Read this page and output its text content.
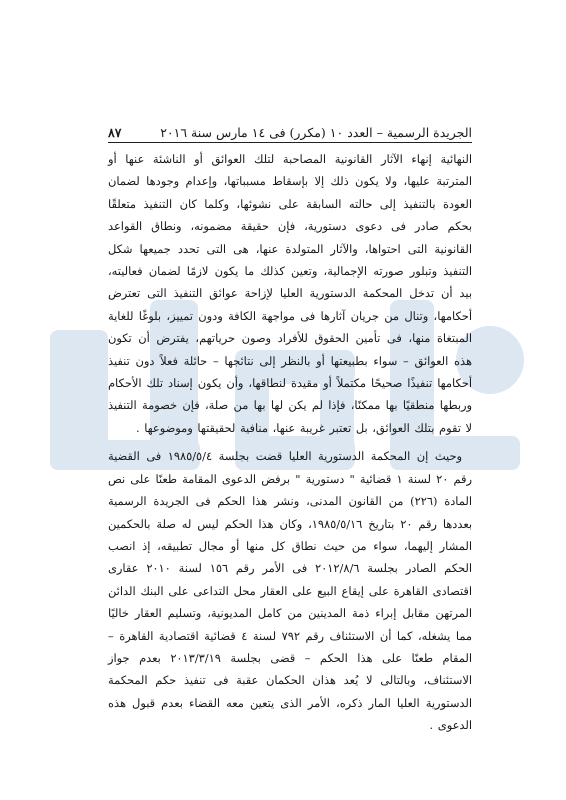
الجريدة الرسمية – العدد ١٠ (مكرر) فى ١٤ مارس سنة ٢٠١٦
٨٧

النهائية إنهاء الآثار القانونية المصاحبة لتلك العوائق أو الناشئة عنها أو المترتبة عليها، ولا يكون ذلك إلا بإسقاط مسبباتها، وإعدام وجودها لضمان العودة بالتنفيذ إلى حالته السابقة على نشوئها، وكلما كان التنفيذ متعلقًا بحكم صادر فى دعوى دستورية، فإن حقيقة مضمونه، ونطاق القواعد القانونية التى احتواها، والآثار المتولدة عنها، هى التى تحدد جميعها شكل التنفيذ وتبلور صورته الإجمالية، وتعين كذلك ما يكون لازمًا لضمان فعاليته، بيد أن تدخل المحكمة الدستورية العليا لإزاحة عوائق التنفيذ التى تعترض أحكامها، وتنال من جريان آثارها فى مواجهة الكافة ودون تمييز، بلوغًا للغاية المبتغاة منها، فى تأمين الحقوق للأفراد وصون حرياتهم، يفترض أن تكون هذه العوائق – سواء بطبيعتها أو بالنظر إلى نتائجها – حائلة فعلاً دون تنفيذ أحكامها تنفيذًا صحيحًا مكتملاً أو مقيدة لنطاقها، وأن يكون إسناد تلك الأحكام وربطها منطقيًا بها ممكنًا، فإذا لم يكن لها بها من صلة، فإن خصومة التنفيذ لا تقوم بتلك العوائق، بل تعتبر غريبة عنها، منافية لحقيقتها وموضوعها .

وحيث إن المحكمة الدستورية العليا قضت بجلسة ١٩٨٥/٥/٤ فى القضية رقم ٢٠ لسنة ١ قضائية " دستورية " برفض الدعوى المقامة طعنًا على نص المادة (٢٢٦) من القانون المدنى، ونشر هذا الحكم فى الجريدة الرسمية بعددها رقم ٢٠ بتاريخ ١٩٨٥/٥/١٦، وكان هذا الحكم ليس له صلة بالحكمين المشار إليهما، سواء من حيث نطاق كل منها أو مجال تطبيقه، إذ انصب الحكم الصادر بجلسة ٢٠١٢/٨/٦ فى الأمر رقم ١٥٦ لسنة ٢٠١٠ عقارى اقتصادى القاهرة على إيقاع البيع على العقار محل التداعى على البنك الدائن المرتهن مقابل إبراء ذمة المدينين من كامل المديونية، وتسليم العقار خاليًا مما يشغله، كما أن الاستئناف رقم ٧٩٢ لسنة ٤ قضائية اقتصادية القاهرة – المقام طعنًا على هذا الحكم – قضى بجلسة ٢٠١٣/٣/١٩ بعدم جواز الاستئناف، وبالتالى لا يُعد هذان الحكمان عقبة فى تنفيذ حكم المحكمة الدستورية العليا المار ذكره، الأمر الذى يتعين معه القضاء بعدم قبول هذه الدعوى .
